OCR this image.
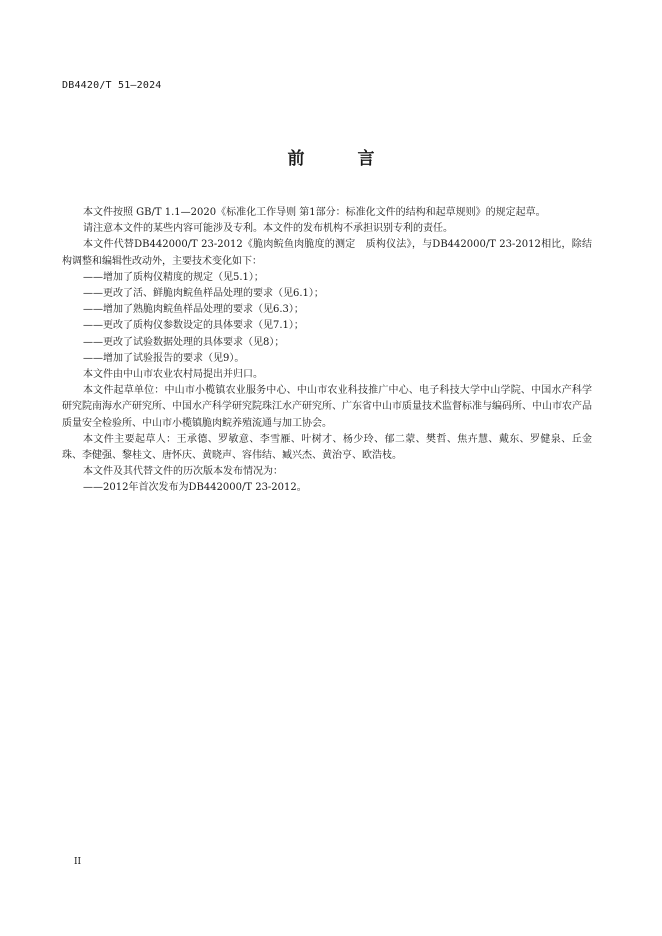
DB4420/T 51—2024
前　言

本文件按照 GB/T 1.1—2020《标准化工作导则 第1部分：标准化文件的结构和起草规则》的规定起草。

请注意本文件的某些内容可能涉及专利。本文件的发布机构不承担识别专利的责任。

本文件代替DB442000/T 23-2012《脆肉鲩鱼肉脆度的测定　质构仪法》，与DB442000/T 23-2012相比，除结构调整和编辑性改动外，主要技术变化如下：

——增加了质构仪精度的规定（见5.1）；

——更改了活、鲜脆肉鲩鱼样品处理的要求（见6.1）；

——增加了熟脆肉鲩鱼样品处理的要求（见6.3）；

——更改了质构仪参数设定的具体要求（见7.1）；

——更改了试验数据处理的具体要求（见8）；

——增加了试验报告的要求（见9）。

本文件由中山市农业农村局提出并归口。

本文件起草单位：中山市小榄镇农业服务中心、中山市农业科技推广中心、电子科技大学中山学院、中国水产科学研究院南海水产研究所、中国水产科学研究院珠江水产研究所、广东省中山市质量技术监督标准与编码所、中山市农产品质量安全检验所、中山市小榄镇脆肉鲩养殖流通与加工协会。

本文件主要起草人：王承德、罗敏意、李雪雁、叶树才、杨少玲、郁二蒙、樊哲、焦卉慧、戴东、罗健泉、丘金珠、李健强、黎桂文、唐怀庆、黄晓声、容伟结、臧兴杰、黄治亨、欧浩枝。

本文件及其代替文件的历次版本发布情况为：

——2012年首次发布为DB442000/T 23-2012。

II
